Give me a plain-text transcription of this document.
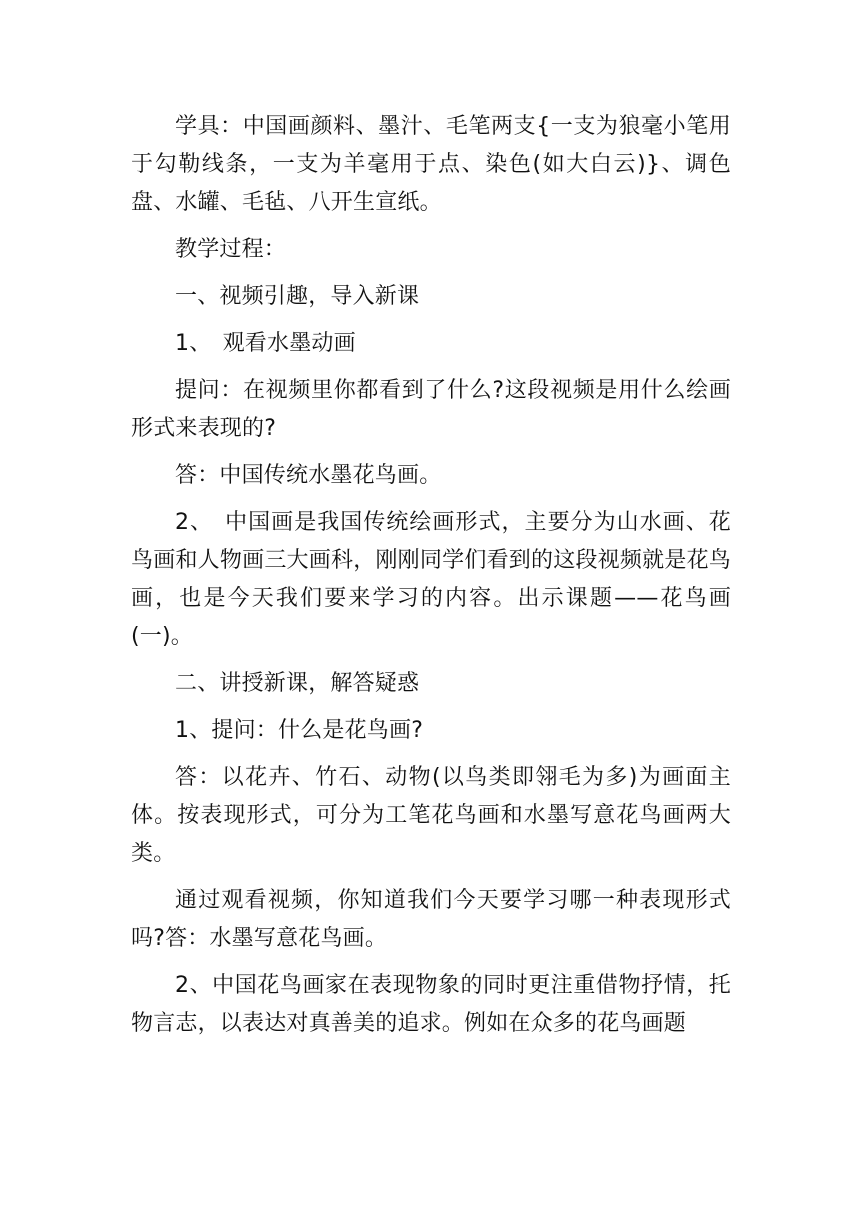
学具：中国画颜料、墨汁、毛笔两支{一支为狼毫小笔用于勾勒线条，一支为羊毫用于点、染色(如大白云)}、调色盘、水罐、毛毡、八开生宣纸。

教学过程：

一、视频引趣，导入新课

1、　观看水墨动画

提问：在视频里你都看到了什么?这段视频是用什么绘画形式来表现的?

答：中国传统水墨花鸟画。

2、　中国画是我国传统绘画形式，主要分为山水画、花鸟画和人物画三大画科，刚刚同学们看到的这段视频就是花鸟画，也是今天我们要来学习的内容。出示课题——花鸟画(一)。

二、讲授新课，解答疑惑

1、提问：什么是花鸟画?

答：以花卉、竹石、动物(以鸟类即翎毛为多)为画面主体。按表现形式，可分为工笔花鸟画和水墨写意花鸟画两大类。

通过观看视频，你知道我们今天要学习哪一种表现形式吗?答：水墨写意花鸟画。

2、中国花鸟画家在表现物象的同时更注重借物抒情，托物言志，以表达对真善美的追求。例如在众多的花鸟画题
